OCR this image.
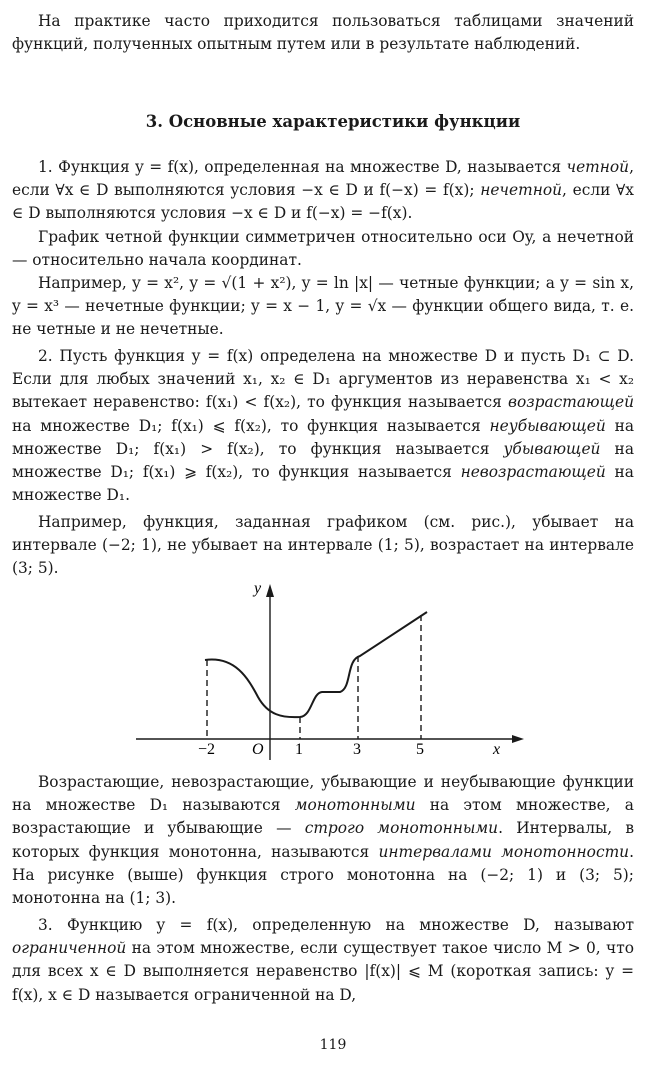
На практике часто приходится пользоваться таблицами значений функций, полученных опытным путем или в результате наблюдений.

3. Основные характеристики функции

1. Функция y = f(x), определенная на множестве D, называется четной, если ∀x ∈ D выполняются условия −x ∈ D и f(−x) = f(x); нечетной, если ∀x ∈ D выполняются условия −x ∈ D и f(−x) = −f(x).

График четной функции симметричен относительно оси Oy, а нечетной — относительно начала координат.

Например, y = x², y = √(1 + x²), y = ln |x| — четные функции; а y = sin x, y = x³ — нечетные функции; y = x − 1, y = √x — функции общего вида, т. е. не четные и не нечетные.

2. Пусть функция y = f(x) определена на множестве D и пусть D₁ ⊂ D. Если для любых значений x₁, x₂ ∈ D₁ аргументов из неравенства x₁ < x₂ вытекает неравенство: f(x₁) < f(x₂), то функция называется возрастающей на множестве D₁; f(x₁) ⩽ f(x₂), то функция называется неубывающей на множестве D₁; f(x₁) > f(x₂), то функция называется убывающей на множестве D₁; f(x₁) ⩾ f(x₂), то функция называется невозрастающей на множестве D₁.

Например, функция, заданная графиком (см. рис.), убывает на интервале (−2; 1), не убывает на интервале (1; 5), возрастает на интервале (3; 5).

y
x
O
−2	1	3	5

Возрастающие, невозрастающие, убывающие и неубывающие функции на множестве D₁ называются монотонными на этом множестве, а возрастающие и убывающие — строго монотонными. Интервалы, в которых функция монотонна, называются интервалами монотонности. На рисунке (выше) функция строго монотонна на (−2; 1) и (3; 5); монотонна на (1; 3).

3. Функцию y = f(x), определенную на множестве D, называют ограниченной на этом множестве, если существует такое число M > 0, что для всех x ∈ D выполняется неравенство |f(x)| ⩽ M (короткая запись: y = f(x), x ∈ D называется ограниченной на D,

119
